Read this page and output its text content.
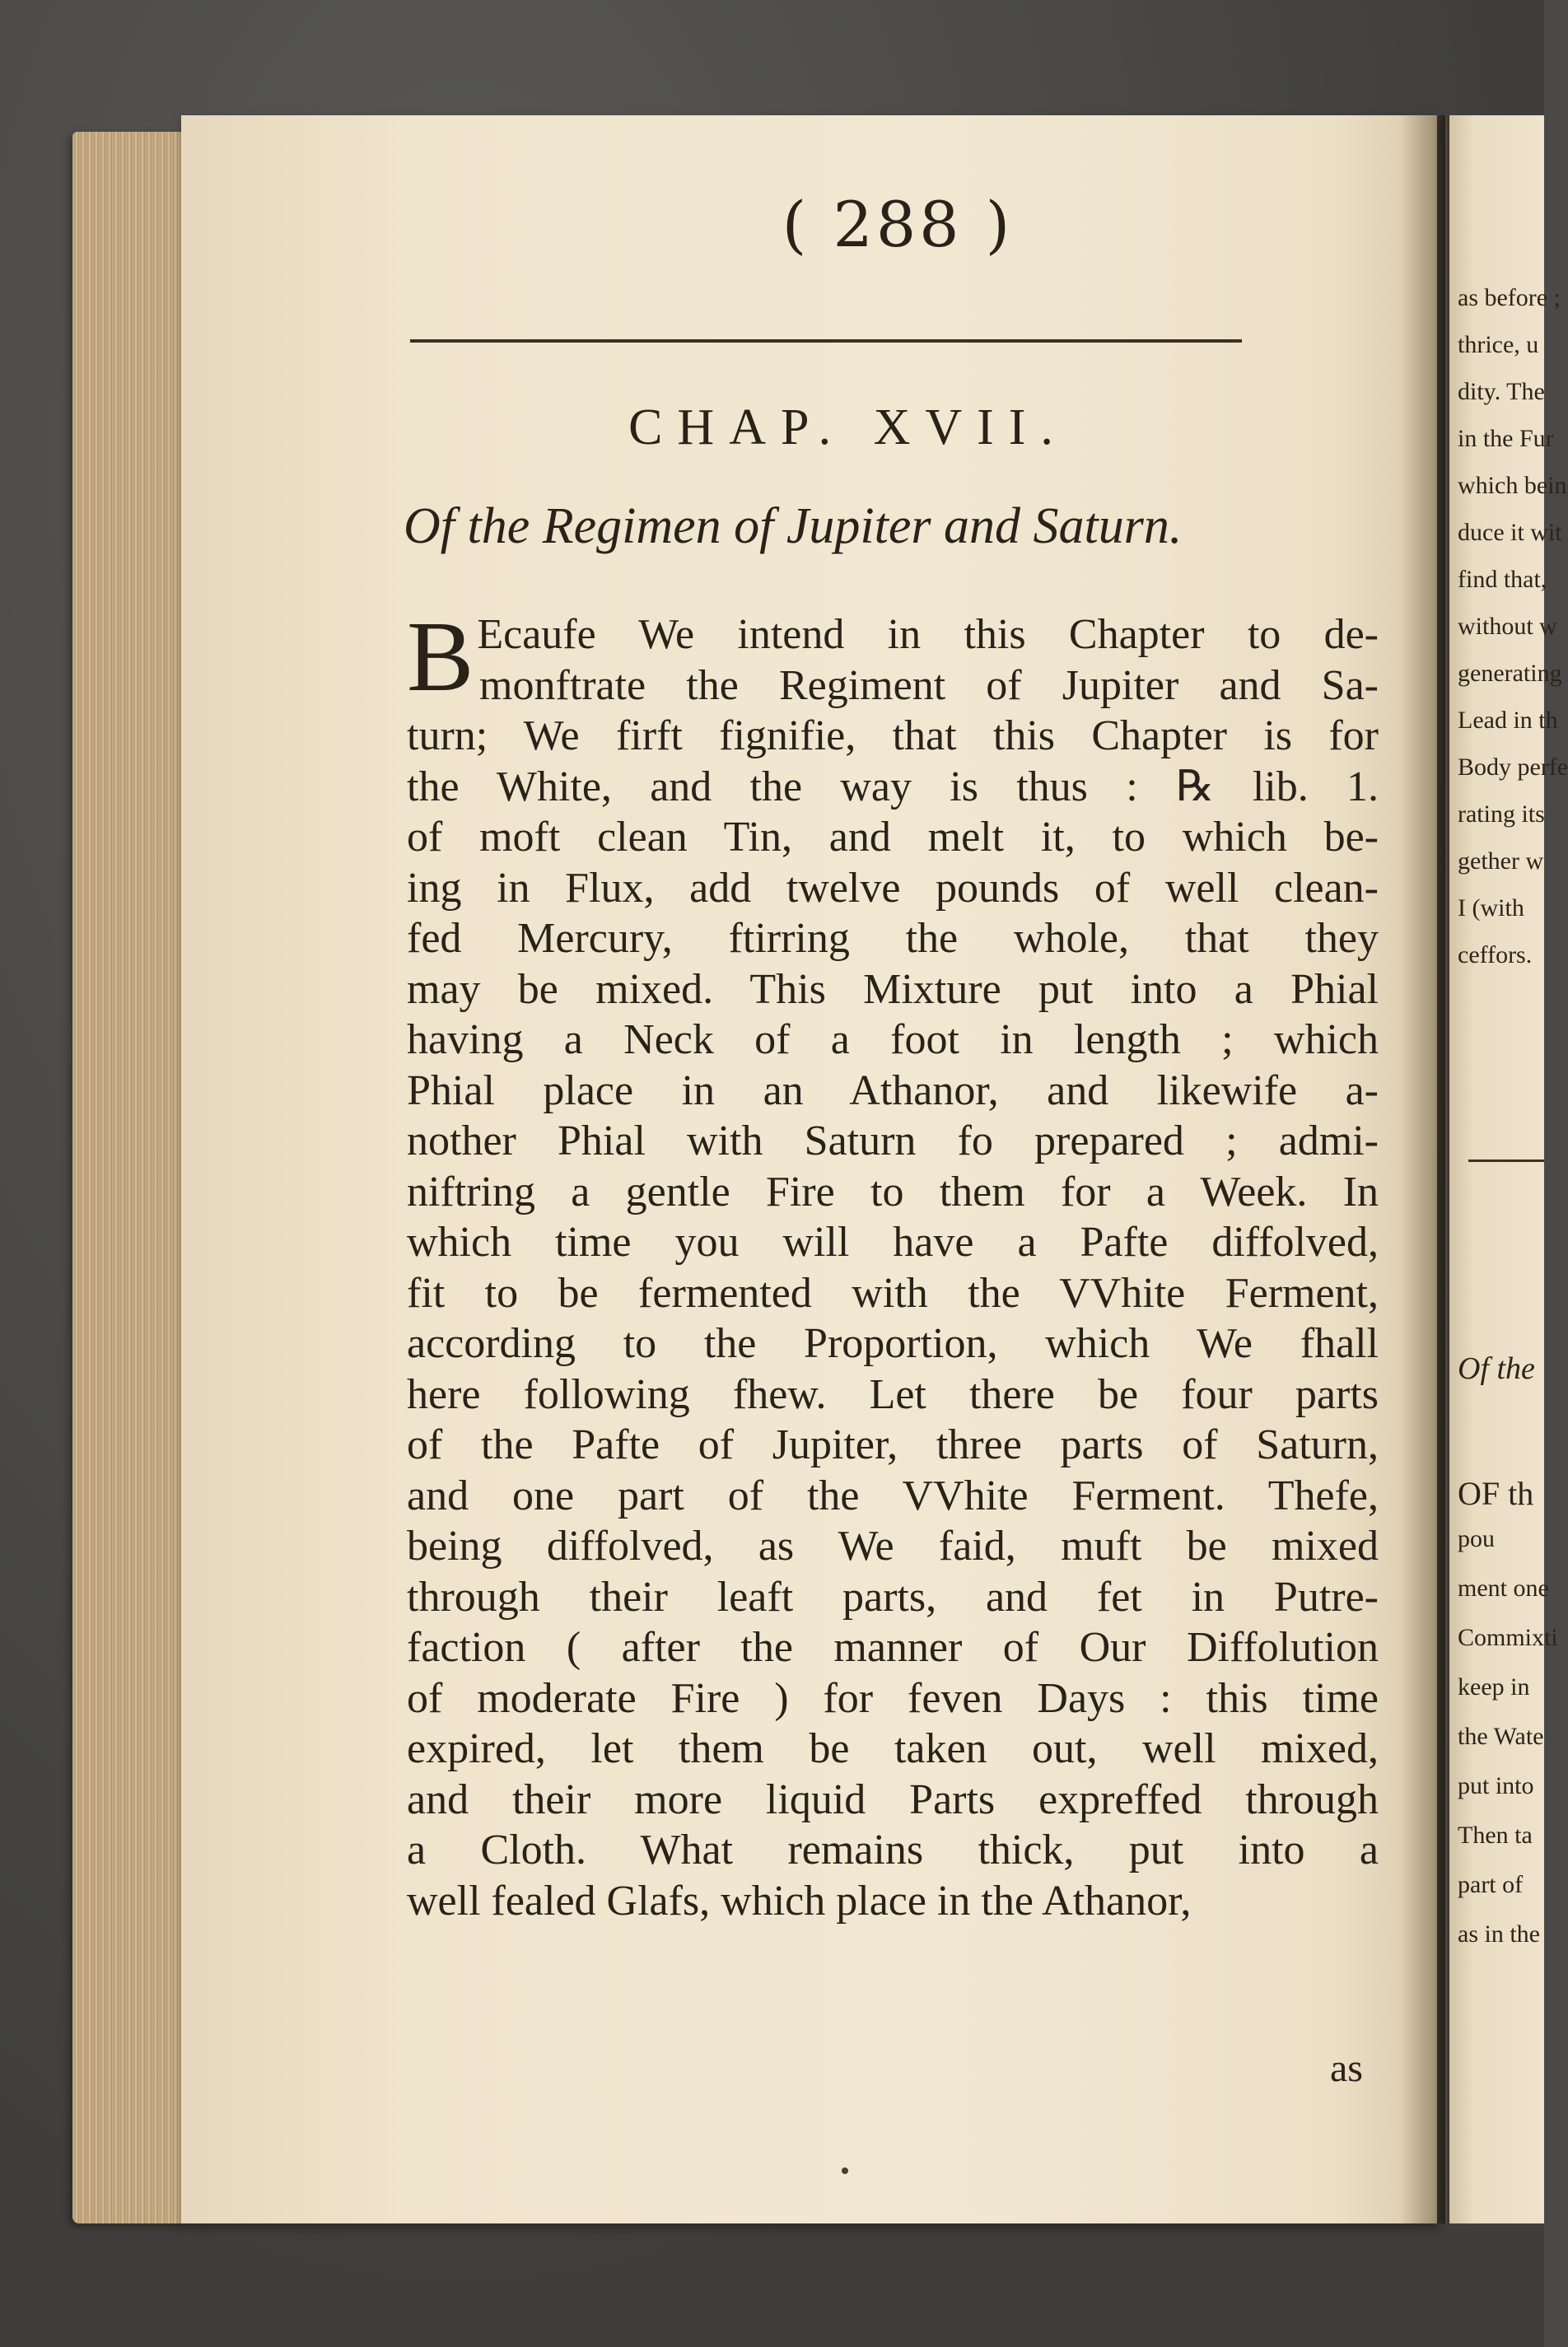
( 288 )
CHAP. XVII.
Of the Regimen of Jupiter and Saturn.
B Ecaufe We intend in this Chapter to de-
monftrate the Regiment of Jupiter and Sa-
turn; We firft fignifie, that this Chapter is for
the White, and the way is thus : ℞ lib. 1.
of moft clean Tin, and melt it, to which be-
ing in Flux, add twelve pounds of well clean-
fed Mercury, ftirring the whole, that they
may be mixed. This Mixture put into a Phial
having a Neck of a foot in length ; which
Phial place in an Athanor, and likewife a-
nother Phial with Saturn fo prepared ; admi-
niftring a gentle Fire to them for a Week. In
which time you will have a Pafte diffolved,
fit to be fermented with the VVhite Ferment,
according to the Proportion, which We fhall
here following fhew. Let there be four parts
of the Pafte of Jupiter, three parts of Saturn,
and one part of the VVhite Ferment. Thefe,
being diffolved, as We faid, muft be mixed
through their leaft parts, and fet in Putre-
faction ( after the manner of Our Diffolution
of moderate Fire ) for feven Days : this time
expired, let them be taken out, well mixed,
and their more liquid Parts expreffed through
a Cloth. What remains thick, put into a
well fealed Glafs, which place in the Athanor,
as
as before ;
thrice, u
dity. The
in the Fur
which bein
duce it wit
find that,
without w
generating
Lead in th
Body perfe
rating its
gether w
I (with
ceffors.
Of the
OF th
pou
ment one
Commixti
keep in
the Wate
put into
Then ta
part of
as in the
